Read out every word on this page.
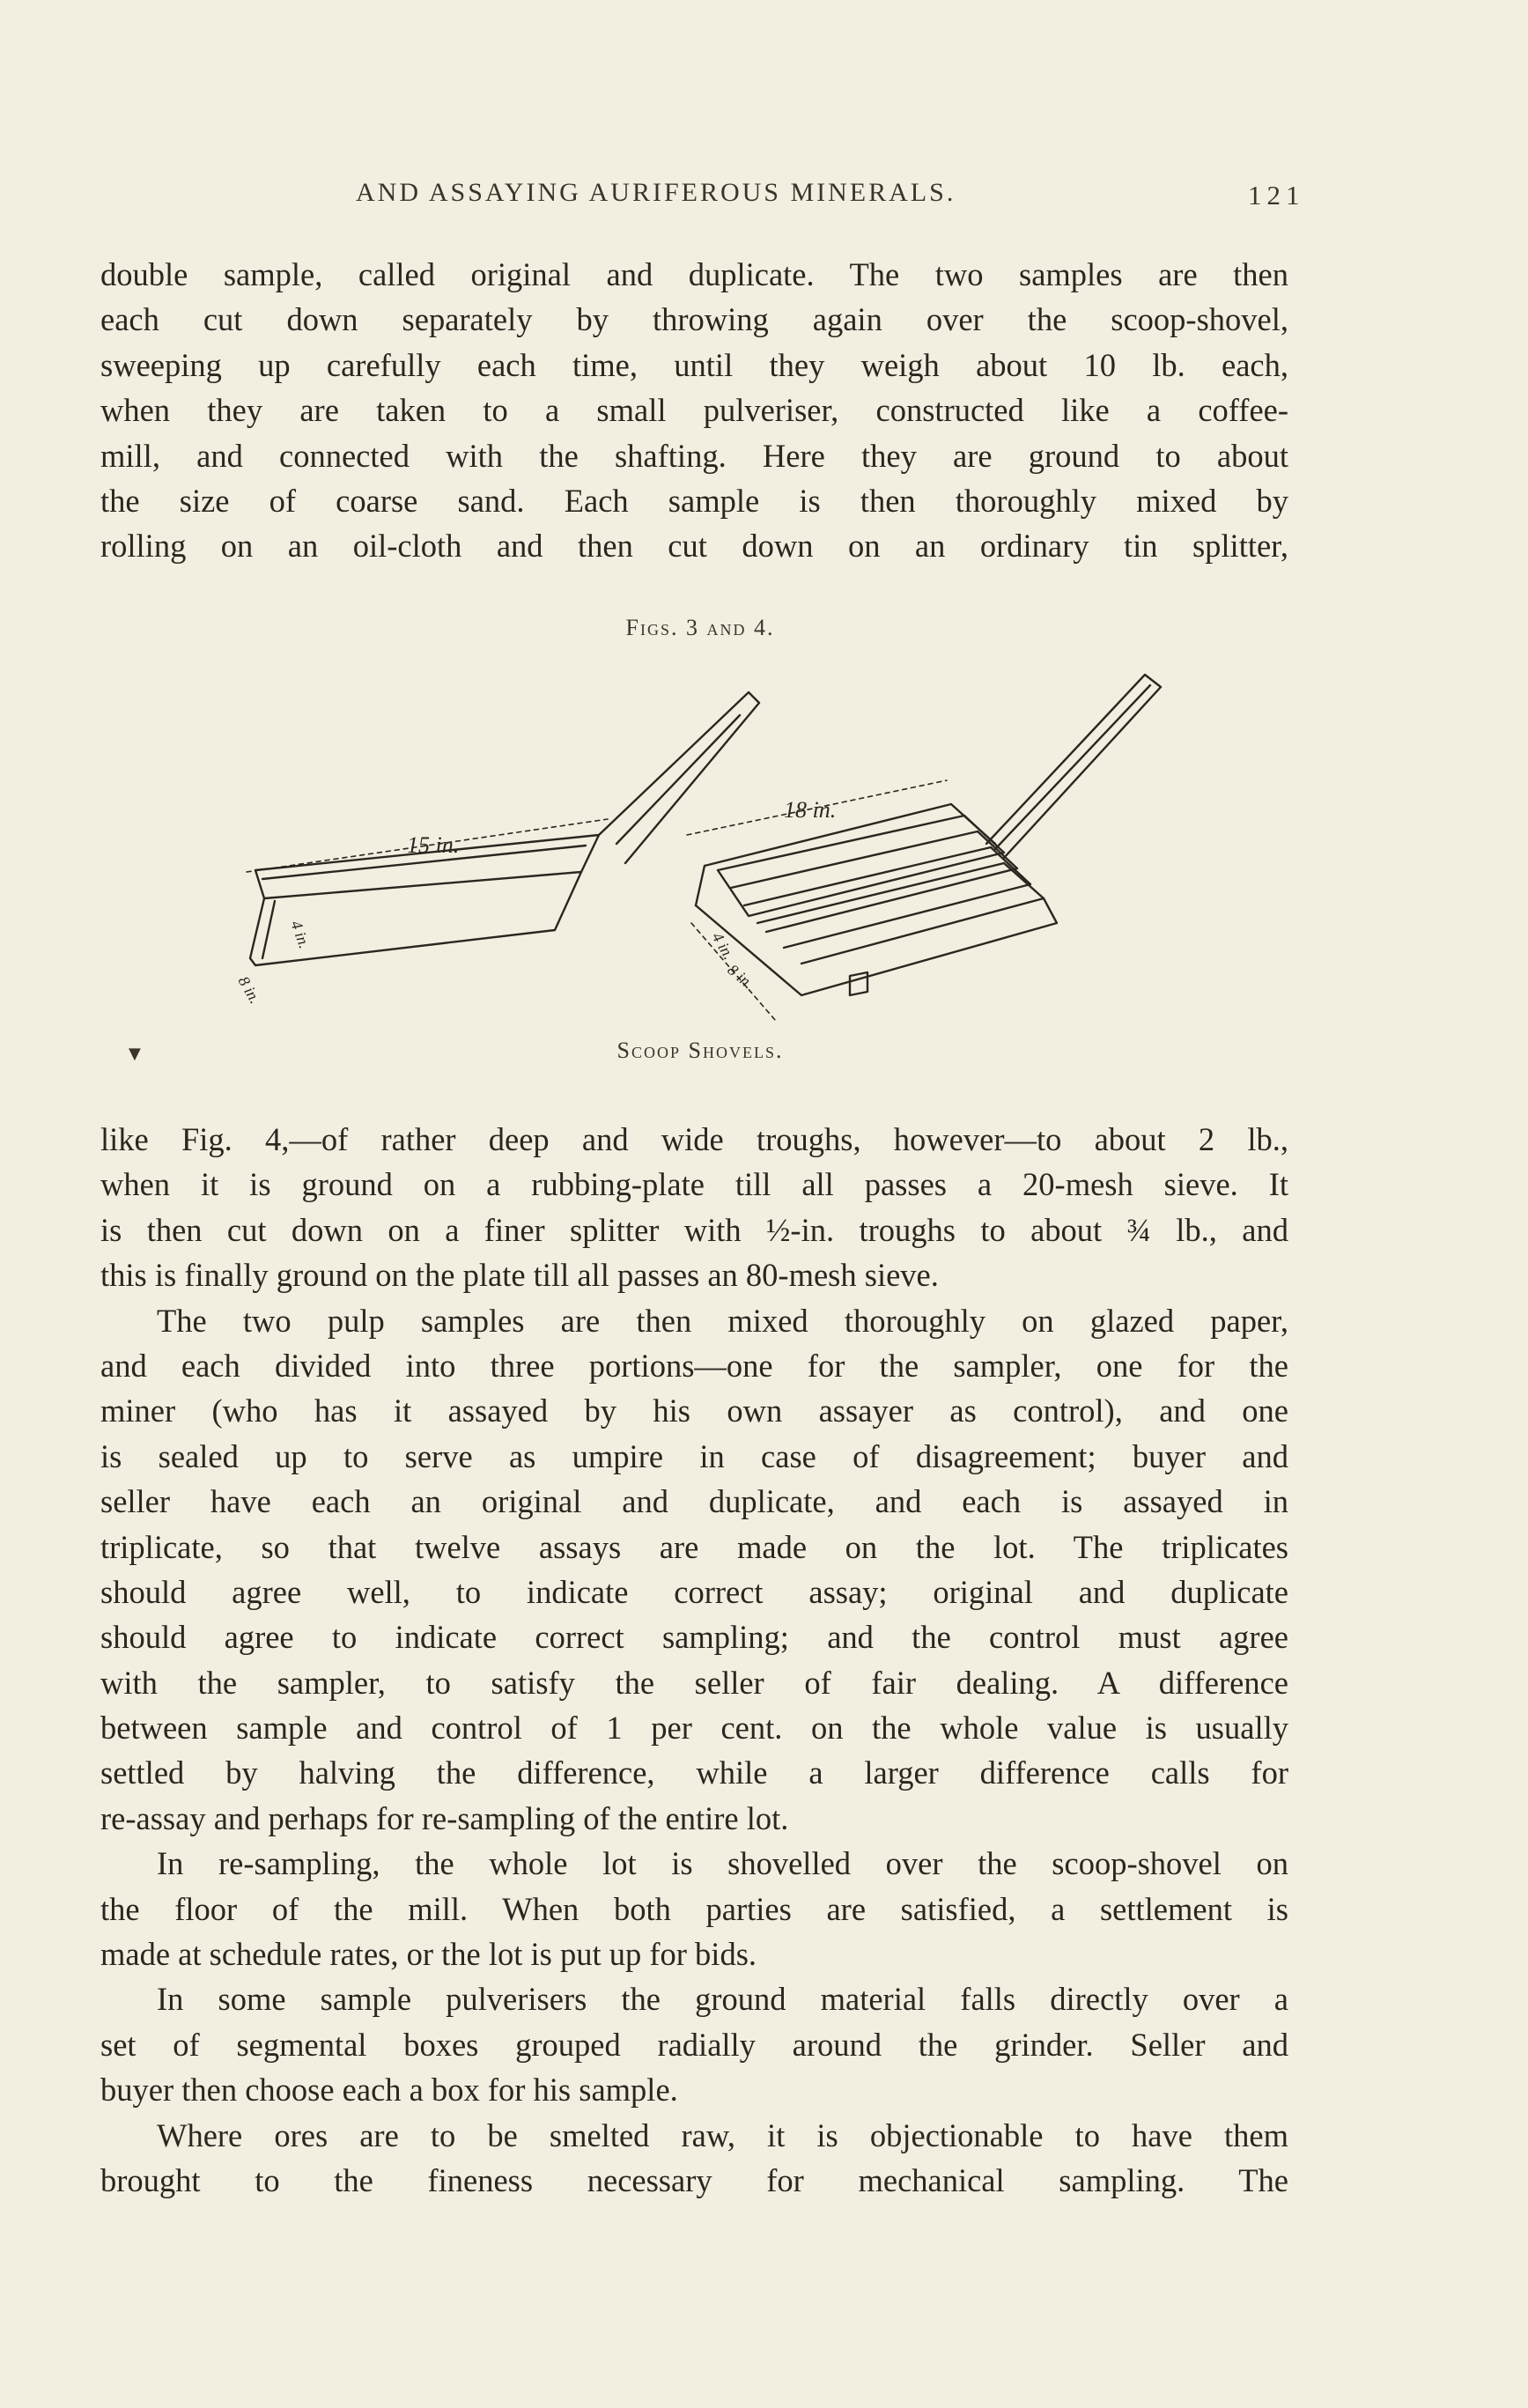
AND ASSAYING AURIFEROUS MINERALS.	121
double sample, called original and duplicate. The two samples are then
each cut down separately by throwing again over the scoop-shovel,
sweeping up carefully each time, until they weigh about 10 lb. each,
when they are taken to a small pulveriser, constructed like a coffee-
mill, and connected with the shafting. Here they are ground to about
the size of coarse sand. Each sample is then thoroughly mixed by
rolling on an oil-cloth and then cut down on an ordinary tin splitter,
Figs. 3 and 4.
15 in.
18 in.
4 in.
8 in.
4 in.
8 in.
▼	Scoop Shovels.
like Fig. 4,—of rather deep and wide troughs, however—to about 2 lb.,
when it is ground on a rubbing-plate till all passes a 20-mesh sieve. It
is then cut down on a finer splitter with ½-in. troughs to about ¾ lb., and
this is finally ground on the plate till all passes an 80-mesh sieve.
The two pulp samples are then mixed thoroughly on glazed paper,
and each divided into three portions—one for the sampler, one for the
miner (who has it assayed by his own assayer as control), and one
is sealed up to serve as umpire in case of disagreement; buyer and
seller have each an original and duplicate, and each is assayed in
triplicate, so that twelve assays are made on the lot. The triplicates
should agree well, to indicate correct assay; original and duplicate
should agree to indicate correct sampling; and the control must agree
with the sampler, to satisfy the seller of fair dealing. A difference
between sample and control of 1 per cent. on the whole value is usually
settled by halving the difference, while a larger difference calls for
re-assay and perhaps for re-sampling of the entire lot.
In re-sampling, the whole lot is shovelled over the scoop-shovel on
the floor of the mill. When both parties are satisfied, a settlement is
made at schedule rates, or the lot is put up for bids.
In some sample pulverisers the ground material falls directly over a
set of segmental boxes grouped radially around the grinder. Seller and
buyer then choose each a box for his sample.
Where ores are to be smelted raw, it is objectionable to have them
brought to the fineness necessary for mechanical sampling. The
